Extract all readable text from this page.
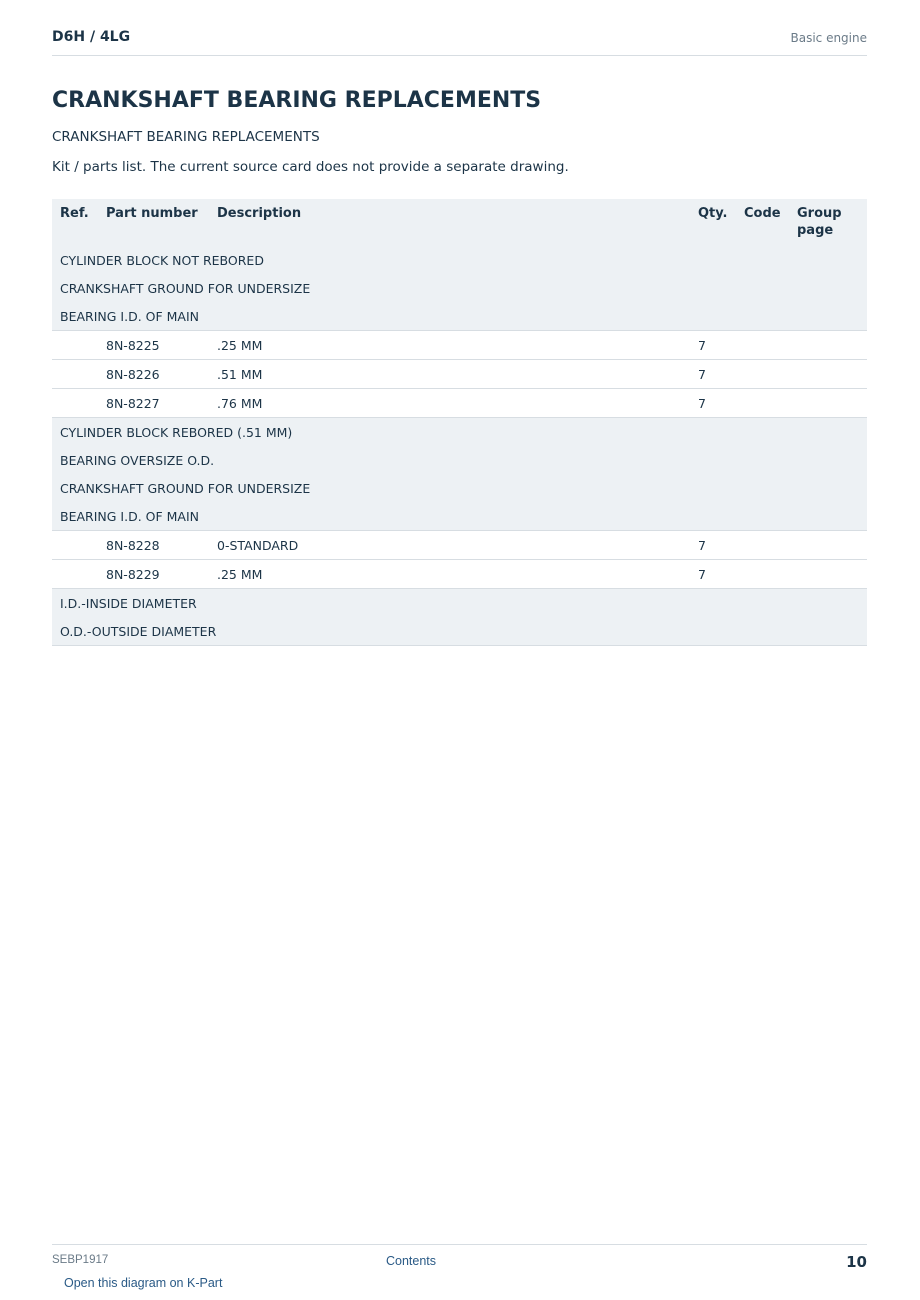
D6H / 4LG	Basic engine
CRANKSHAFT BEARING REPLACEMENTS
CRANKSHAFT BEARING REPLACEMENTS
Kit / parts list. The current source card does not provide a separate drawing.
Ref.	Part number	Description	Qty.	Code	Group page
CYLINDER BLOCK NOT REBORED					
CRANKSHAFT GROUND FOR UNDERSIZE					
BEARING I.D. OF MAIN					
	8N-8225	.25 MM	7		
	8N-8226	.51 MM	7		
	8N-8227	.76 MM	7		
CYLINDER BLOCK REBORED (.51 MM)					
BEARING OVERSIZE O.D.					
CRANKSHAFT GROUND FOR UNDERSIZE					
BEARING I.D. OF MAIN					
	8N-8228	0-STANDARD	7		
	8N-8229	.25 MM	7		
I.D.-INSIDE DIAMETER					
O.D.-OUTSIDE DIAMETER					
SEBP1917	Contents	10
Open this diagram on K-Part
